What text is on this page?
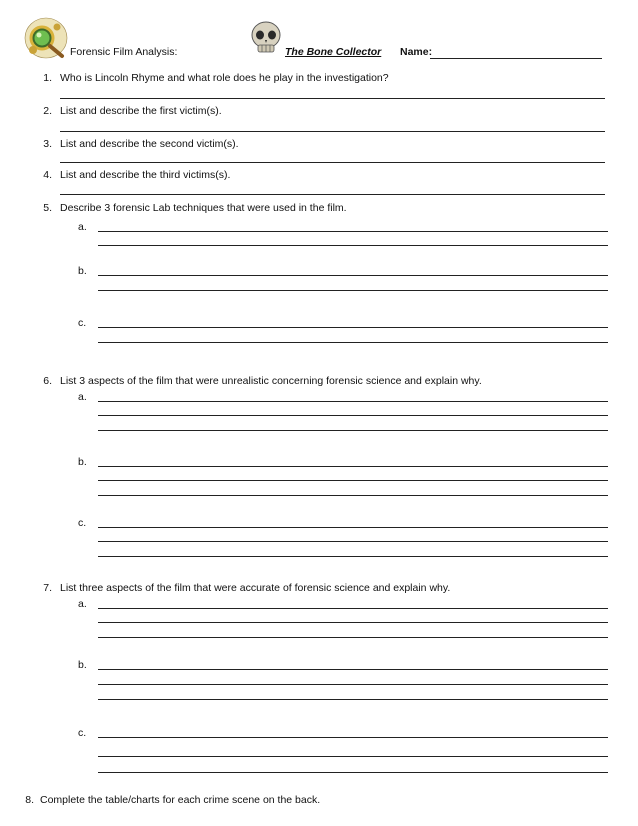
Forensic Film Analysis:	The Bone Collector Name:
1. Who is Lincoln Rhyme and what role does he play in the investigation?
2. List and describe the first victim(s).
3. List and describe the second victim(s).
4. List and describe the third victims(s).
5. Describe 3 forensic Lab techniques that were used in the film.
a.
b.
c.
6. List 3 aspects of the film that were unrealistic concerning forensic science and explain why.
a.
b.
c.
7. List three aspects of the film that were accurate of forensic science and explain why.
a.
b.
c.
8. Complete the table/charts for each crime scene on the back.
